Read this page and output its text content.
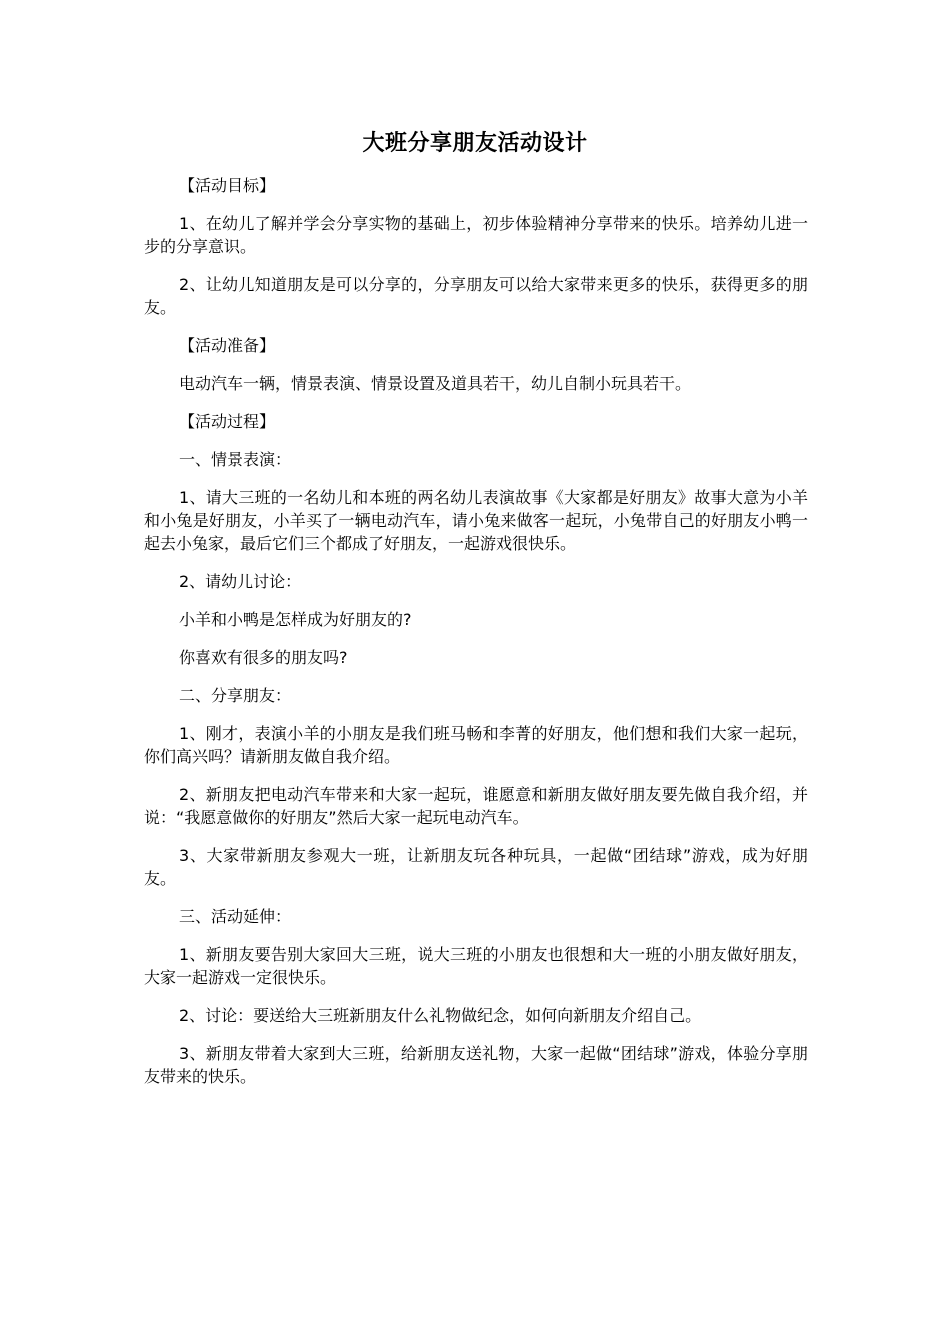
大班分享朋友活动设计

【活动目标】

1、在幼儿了解并学会分享实物的基础上，初步体验精神分享带来的快乐。培养幼儿进一步的分享意识。

2、让幼儿知道朋友是可以分享的，分享朋友可以给大家带来更多的快乐，获得更多的朋友。

【活动准备】

电动汽车一辆，情景表演、情景设置及道具若干，幼儿自制小玩具若干。

【活动过程】

一、情景表演：

1、请大三班的一名幼儿和本班的两名幼儿表演故事《大家都是好朋友》故事大意为小羊和小兔是好朋友，小羊买了一辆电动汽车，请小兔来做客一起玩，小兔带自己的好朋友小鸭一起去小兔家，最后它们三个都成了好朋友，一起游戏很快乐。

2、请幼儿讨论：

小羊和小鸭是怎样成为好朋友的?

你喜欢有很多的朋友吗?

二、分享朋友：

1、刚才，表演小羊的小朋友是我们班马畅和李菁的好朋友，他们想和我们大家一起玩，你们高兴吗？请新朋友做自我介绍。

2、新朋友把电动汽车带来和大家一起玩，谁愿意和新朋友做好朋友要先做自我介绍，并说：“我愿意做你的好朋友”然后大家一起玩电动汽车。

3、大家带新朋友参观大一班，让新朋友玩各种玩具，一起做“团结球”游戏，成为好朋友。

三、活动延伸：

1、新朋友要告别大家回大三班，说大三班的小朋友也很想和大一班的小朋友做好朋友，大家一起游戏一定很快乐。

2、讨论：要送给大三班新朋友什么礼物做纪念，如何向新朋友介绍自己。

3、新朋友带着大家到大三班，给新朋友送礼物，大家一起做“团结球”游戏，体验分享朋友带来的快乐。
